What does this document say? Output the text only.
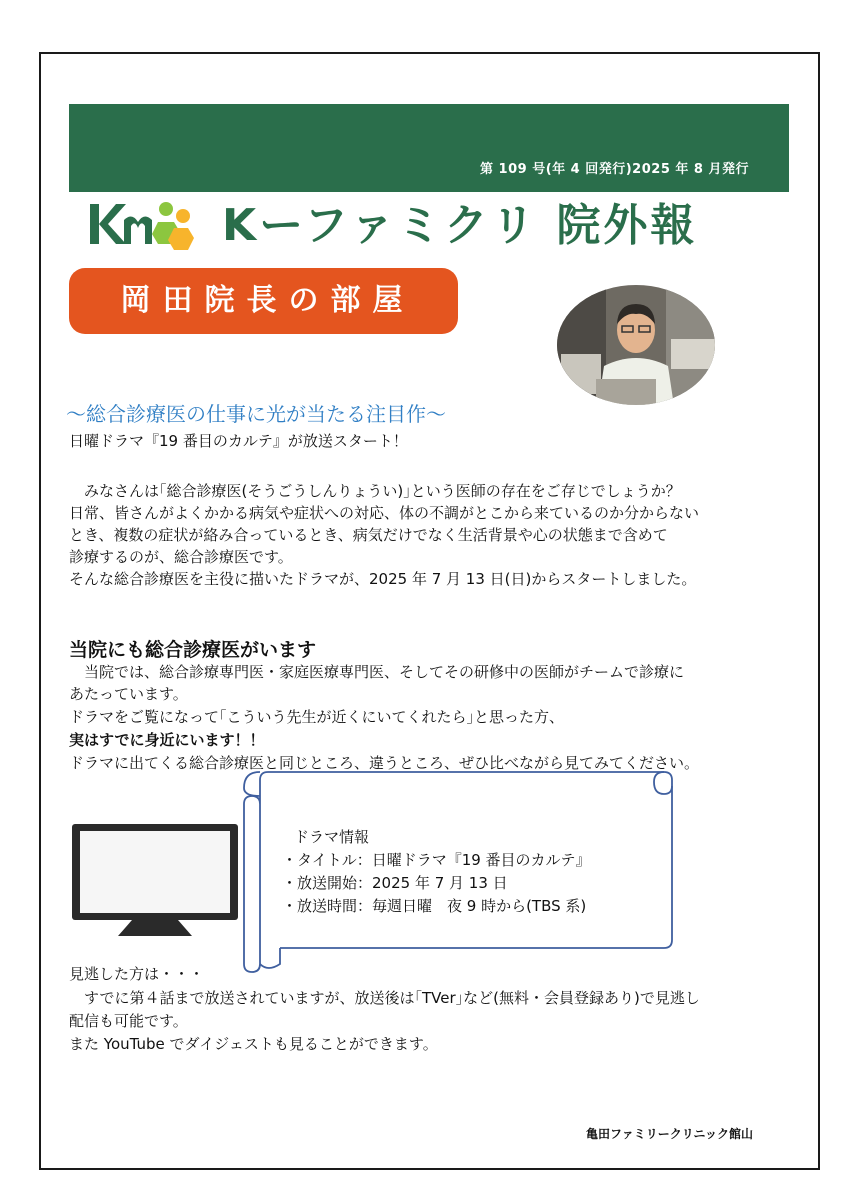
第 109 号(年 4 回発行)2025 年 8 月発行
Kーファミクリ 院外報
岡田院長の部屋
～総合診療医の仕事に光が当たる注目作～
日曜ドラマ『19 番目のカルテ』が放送スタート！
　みなさんは｢総合診療医(そうごうしんりょうい)｣という医師の存在をご存じでしょうか？
日常、皆さんがよくかかる病気や症状への対応、体の不調がとこから来ているのか分からない
とき、複数の症状が絡み合っているとき、病気だけでなく生活背景や心の状態まで含めて
診療するのが、総合診療医です。
そんな総合診療医を主役に描いたドラマが、2025 年 7 月 13 日(日)からスタートしました。
当院にも総合診療医がいます
　当院では、総合診療専門医・家庭医療専門医、そしてその研修中の医師がチームで診療に
あたっています。
ドラマをご覧になって｢こういう先生が近くにいてくれたら｣と思った方、
実はすでに身近にいます！！
ドラマに出てくる総合診療医と同じところ、違うところ、ぜひ比べながら見てみてください。
ドラマ情報
・タイトル：日曜ドラマ『19 番目のカルテ』
・放送開始：2025 年 7 月 13 日
・放送時間：毎週日曜　夜 9 時から(TBS 系)
見逃した方は・・・
　すでに第４話まで放送されていますが、放送後は｢TVer｣など(無料・会員登録あり)で見逃し
配信も可能です。
また YouTube でダイジェストも見ることができます。
亀田ファミリークリニック館山
